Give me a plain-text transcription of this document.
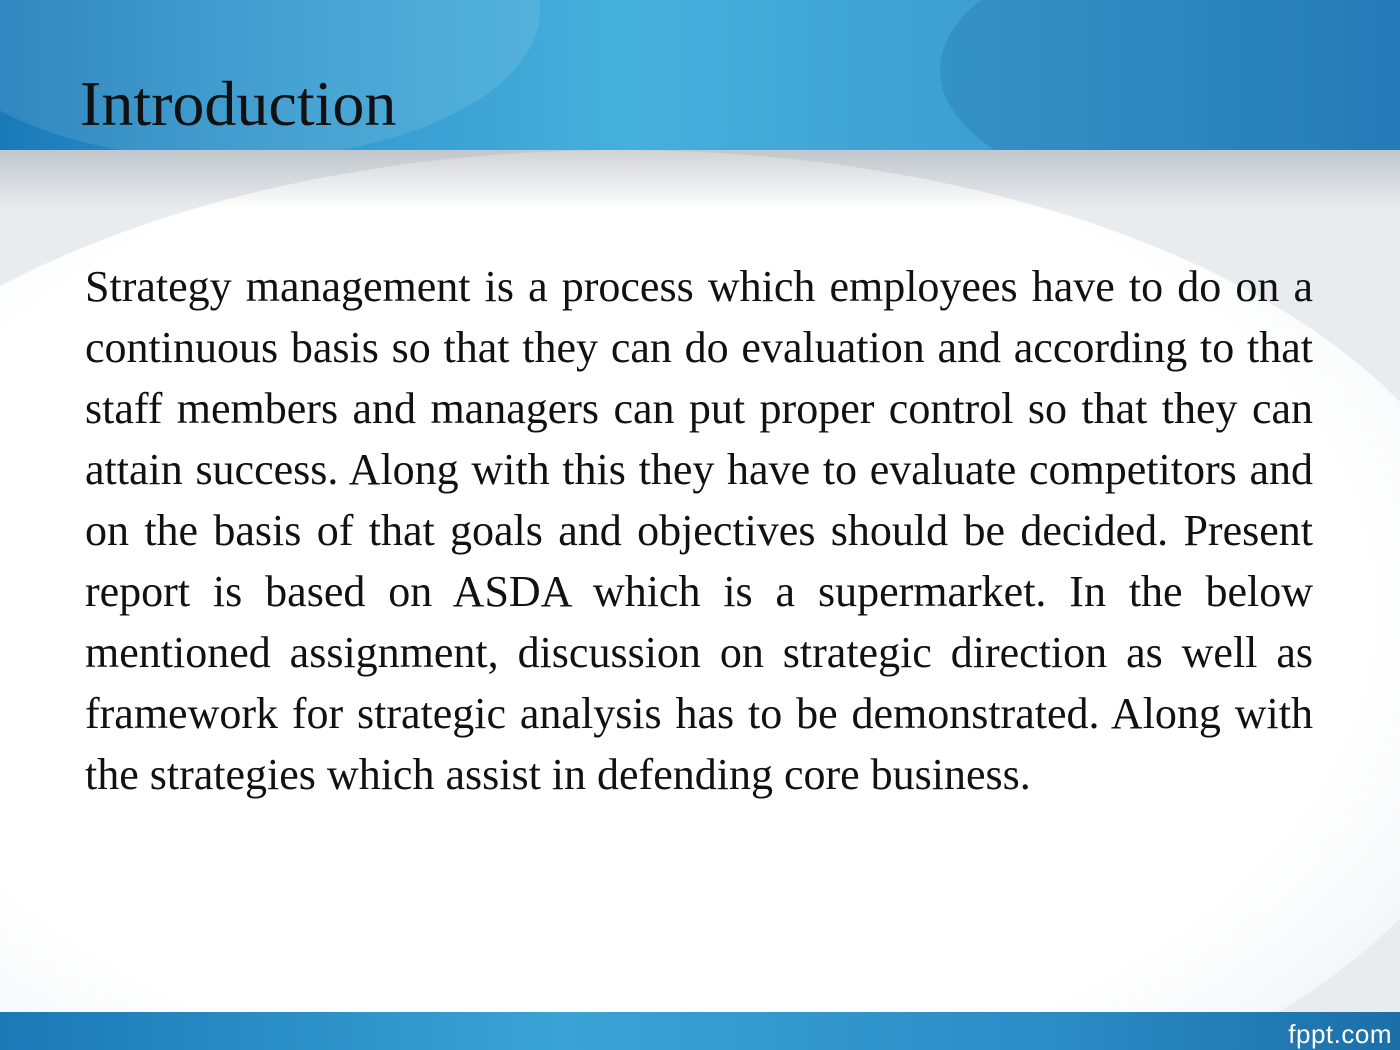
fppt.com
Introduction

Strategy management is a process which employees have to do on a continuous basis so that they can do evaluation and according to that staff members and managers can put proper control so that they can attain success. Along with this they have to evaluate competitors and on the basis of that goals and objectives should be decided. Present report is based on ASDA which is a supermarket. In the below mentioned assignment, discussion on strategic direction as well as framework for strategic analysis has to be demonstrated. Along with the strategies which assist in defending core business.
